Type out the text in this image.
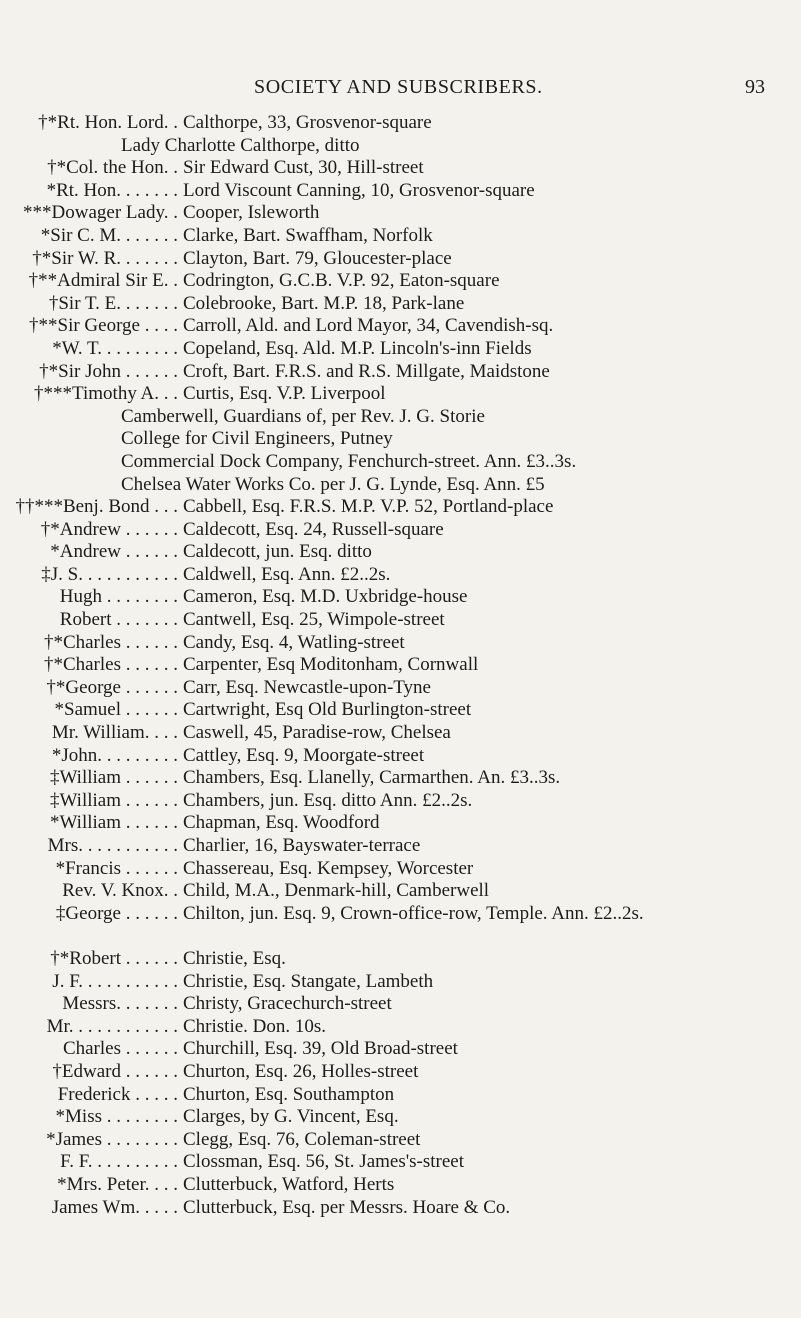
SOCIETY AND SUBSCRIBERS.	93
†*Rt. Hon. Lord. . Calthorpe, 33, Grosvenor-square
Lady Charlotte Calthorpe, ditto
†*Col. the Hon. . Sir Edward Cust, 30, Hill-street
*Rt. Hon. . . . . . . Lord Viscount Canning, 10, Grosvenor-square
***Dowager Lady. . Cooper, Isleworth
*Sir C. M. . . . . . . Clarke, Bart. Swaffham, Norfolk
†*Sir W. R. . . . . . . Clayton, Bart. 79, Gloucester-place
†**Admiral Sir E. . Codrington, G.C.B. V.P. 92, Eaton-square
†Sir T. E. . . . . . . Colebrooke, Bart. M.P. 18, Park-lane
†**Sir George . . . . Carroll, Ald. and Lord Mayor, 34, Cavendish-sq.
*W. T. . . . . . . . . Copeland, Esq. Ald. M.P. Lincoln's-inn Fields
†*Sir John . . . . . . Croft, Bart. F.R.S. and R.S. Millgate, Maidstone
†***Timothy A. . . Curtis, Esq. V.P. Liverpool
Camberwell, Guardians of, per Rev. J. G. Storie
College for Civil Engineers, Putney
Commercial Dock Company, Fenchurch-street. Ann. £3..3s.
Chelsea Water Works Co. per J. G. Lynde, Esq. Ann. £5
††***Benj. Bond . . . Cabbell, Esq. F.R.S. M.P. V.P. 52, Portland-place
†*Andrew . . . . . . Caldecott, Esq. 24, Russell-square
*Andrew . . . . . . Caldecott, jun. Esq. ditto
‡J. S. . . . . . . . . . . Caldwell, Esq. Ann. £2..2s.
Hugh . . . . . . . . Cameron, Esq. M.D. Uxbridge-house
Robert . . . . . . . Cantwell, Esq. 25, Wimpole-street
†*Charles . . . . . . Candy, Esq. 4, Watling-street
†*Charles . . . . . . Carpenter, Esq Moditonham, Cornwall
†*George . . . . . . Carr, Esq. Newcastle-upon-Tyne
*Samuel . . . . . . Cartwright, Esq Old Burlington-street
Mr. William. . . . Caswell, 45, Paradise-row, Chelsea
*John. . . . . . . . . Cattley, Esq. 9, Moorgate-street
‡William . . . . . . Chambers, Esq. Llanelly, Carmarthen. An. £3..3s.
‡William . . . . . . Chambers, jun. Esq. ditto Ann. £2..2s.
*William . . . . . . Chapman, Esq. Woodford
Mrs. . . . . . . . . . . Charlier, 16, Bayswater-terrace
*Francis . . . . . . Chassereau, Esq. Kempsey, Worcester
Rev. V. Knox. . Child, M.A., Denmark-hill, Camberwell
‡George . . . . . . Chilton, jun. Esq. 9, Crown-office-row, Temple. Ann. £2..2s.
†*Robert . . . . . . Christie, Esq.
J. F. . . . . . . . . . . Christie, Esq. Stangate, Lambeth
Messrs. . . . . . . Christy, Gracechurch-street
Mr. . . . . . . . . . . . Christie. Don. 10s.
Charles . . . . . . Churchill, Esq. 39, Old Broad-street
†Edward . . . . . . Churton, Esq. 26, Holles-street
Frederick . . . . . Churton, Esq. Southampton
*Miss . . . . . . . . Clarges, by G. Vincent, Esq.
*James . . . . . . . . Clegg, Esq. 76, Coleman-street
F. F. . . . . . . . . . Clossman, Esq. 56, St. James's-street
*Mrs. Peter. . . . Clutterbuck, Watford, Herts
James Wm. . . . . Clutterbuck, Esq. per Messrs. Hoare & Co.
